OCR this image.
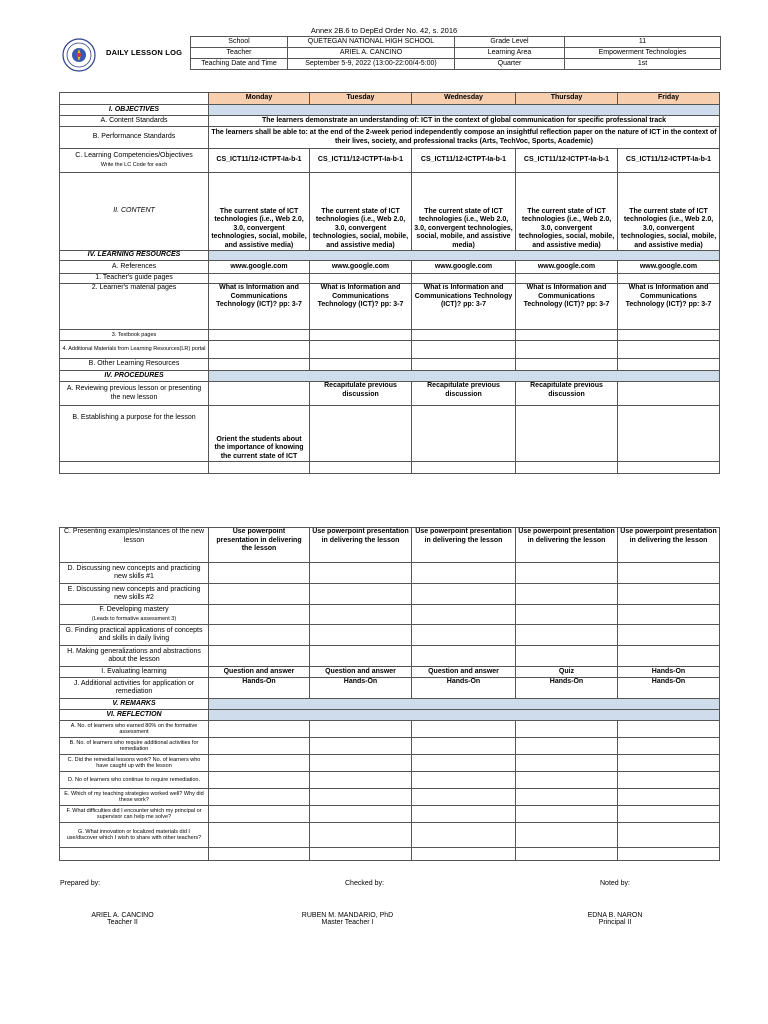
Annex 2B.6 to DepEd Order No. 42, s. 2016
DAILY LESSON LOG
School	QUETEGAN NATIONAL HIGH SCHOOL	Grade Level	11
Teacher	ARIEL A. CANCINO	Learning Area	Empowerment Technologies
Teaching Date and Time	September 5-9, 2022 (13:00-22:00/4-5:00)	Quarter	1st
	Monday	Tuesday	Wednesday	Thursday	Friday
I. OBJECTIVES					
A. Content Standards	The learners demonstrate an understanding of: ICT in the context of global communication for specific professional track				
B. Performance Standards	The learners shall be able to: at the end of the 2-week period independently compose an insightful reflection paper on the nature of ICT in the context of their lives, society, and professional tracks (Arts, TechVoc, Sports, Academic)				
C. Learning Competencies/Objectives
Write the LC Code for each	CS_ICT11/12-ICTPT-Ia-b-1	CS_ICT11/12-ICTPT-Ia-b-1	CS_ICT11/12-ICTPT-Ia-b-1	CS_ICT11/12-ICTPT-Ia-b-1	CS_ICT11/12-ICTPT-Ia-b-1
II. CONTENT	The current state of ICT technologies (i.e., Web 2.0, 3.0, convergent technologies, social, mobile, and assistive media)	The current state of ICT technologies (i.e., Web 2.0, 3.0, convergent technologies, social, mobile, and assistive media)	The current state of ICT technologies (i.e., Web 2.0, 3.0, convergent technologies, social, mobile, and assistive media)	The current state of ICT technologies (i.e., Web 2.0, 3.0, convergent technologies, social, mobile, and assistive media)	The current state of ICT technologies (i.e., Web 2.0, 3.0, convergent technologies, social, mobile, and assistive media)
IV. LEARNING RESOURCES					
A. References	www.google.com	www.google.com	www.google.com	www.google.com	www.google.com
1. Teacher's guide pages					
2. Learner's material pages	What is Information and Communications Technology (ICT)? pp: 3-7	What is Information and Communications Technology (ICT)? pp: 3-7	What is Information and Communications Technology (ICT)? pp: 3-7	What is Information and Communications Technology (ICT)? pp: 3-7	What is Information and Communications Technology (ICT)? pp: 3-7
3. Textbook pages					
4. Additional Materials from Learning Resources(LR) portal					
B. Other Learning Resources					
IV. PROCEDURES					
A. Reviewing previous lesson or presenting the new lesson		Recapitulate previous discussion	Recapitulate previous discussion	Recapitulate previous discussion	
B. Establishing a purpose for the lesson	Orient the students about the importance of knowing the current state of ICT				

C. Presenting examples/instances of the new lesson	Use powerpoint presentation in delivering the lesson	Use powerpoint presentation in delivering the lesson	Use powerpoint presentation in delivering the lesson	Use powerpoint presentation in delivering the lesson	Use powerpoint presentation in delivering the lesson
D. Discussing new concepts and practicing new skills #1					
E. Discussing new concepts and practicing new skills #2					
F. Developing mastery
(Leads to formative assessment 3)					
G. Finding practical applications of concepts and skills in daily living					
H. Making generalizations and abstractions about the lesson					
I. Evaluating learning	Question and answer	Question and answer	Question and answer	Quiz	Hands-On
J. Additional activities for application or remediation	Hands-On	Hands-On	Hands-On	Hands-On	Hands-On
V. REMARKS					
VI. REFLECTION					
A. No. of learners who earned 80% on the formative assessment					
B. No. of learners who require additional activities for remediation					
C. Did the remedial lessons work? No. of learners who have caught up with the lesson					
D. No of learners who continue to require remediation.					
E. Which of my teaching strategies worked well? Why did these work?					
F. What difficulties did I encounter which my principal or supervisor can help me solve?					
G. What innovation or localized materials did I use/discover which I wish to share with other teachers?					

Prepared by:	Checked by:	Noted by:
ARIEL A. CANCINO
Teacher II
RUBEN M. MANDARIO, PhD
Master Teacher I
EDNA B. NARON
Principal II
